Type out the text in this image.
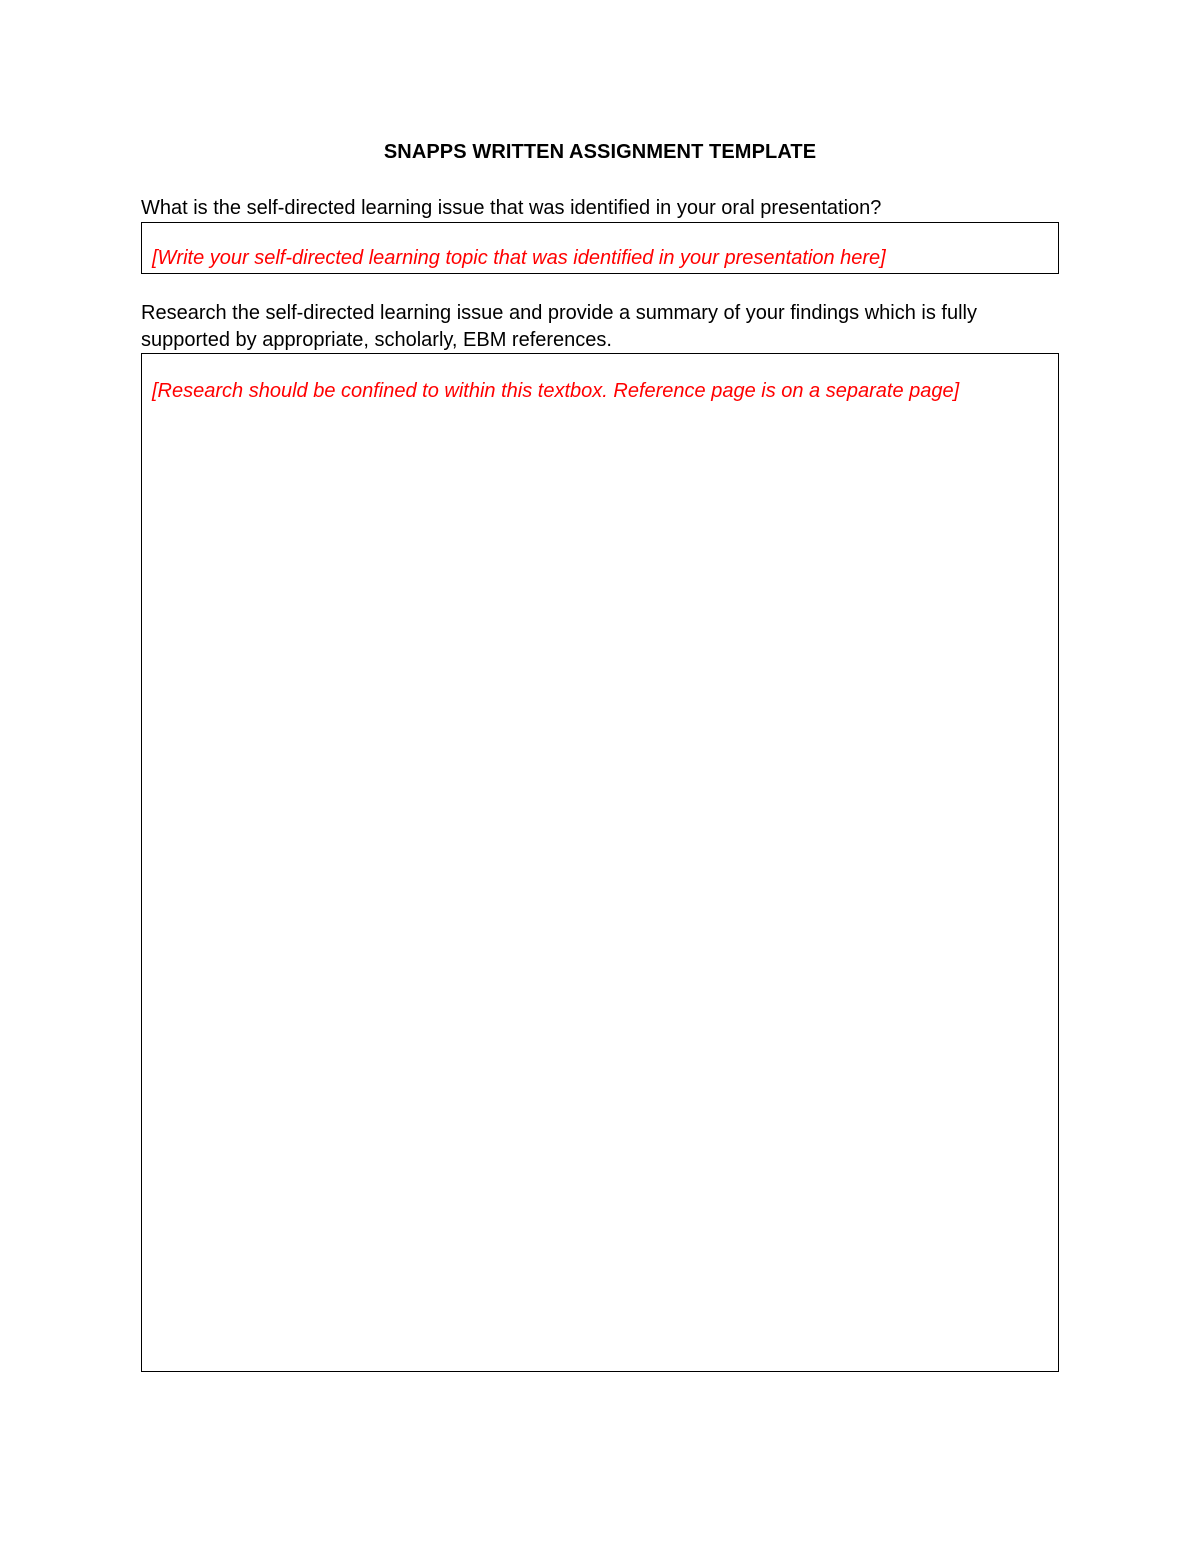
SNAPPS WRITTEN ASSIGNMENT TEMPLATE
What is the self-directed learning issue that was identified in your oral presentation?
[Write your self-directed learning topic that was identified in your presentation here]
Research the self-directed learning issue and provide a summary of your findings which is fully
supported by appropriate, scholarly, EBM references.
[Research should be confined to within this textbox. Reference page is on a separate page]
